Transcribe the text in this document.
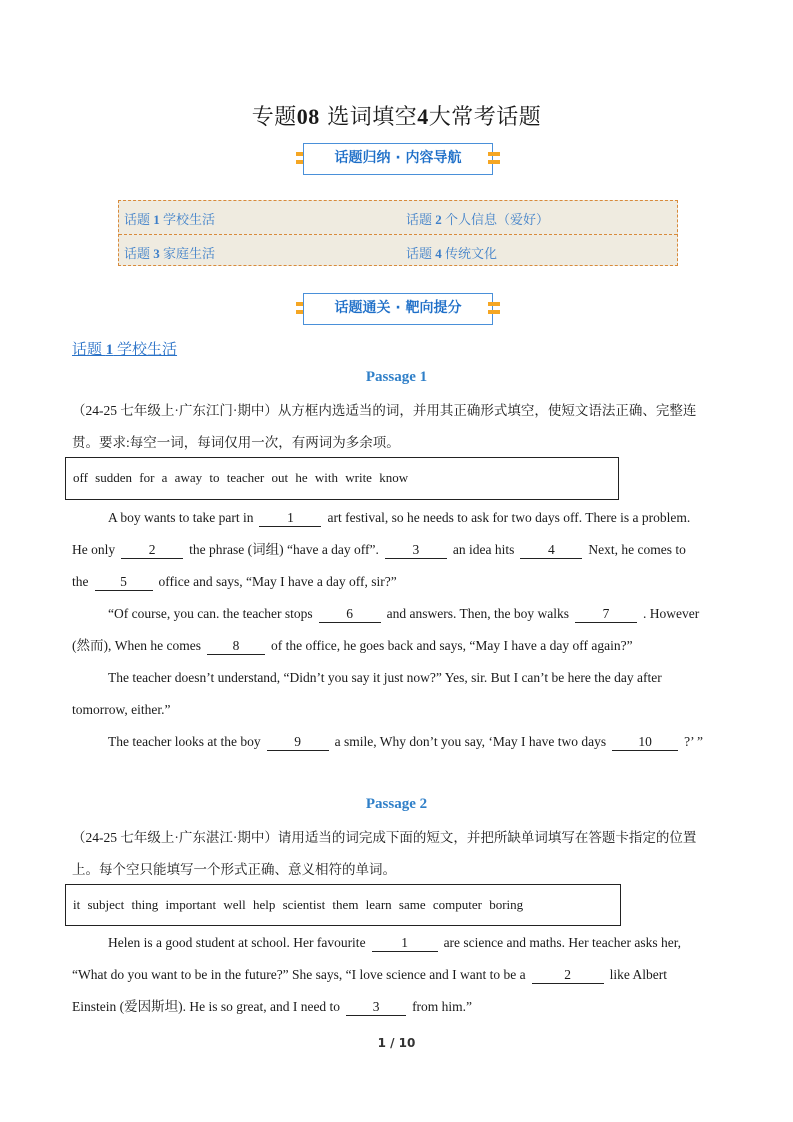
专题08 选词填空4大常考话题
话题归纳 · 内容导航
话题 1 学校生活	话题 2 个人信息（爱好）
话题 3 家庭生活	话题 4 传统文化
话题通关 · 靶向提分
话题 1 学校生活
Passage 1
（24-25 七年级上·广东江门·期中）从方框内选适当的词，并用其正确形式填空，使短文语法正确、完整连
贯。要求:每空一词，每词仅用一次，有两词为多余项。
off sudden for a away to teacher out he with write know
A boy wants to take part in 1 art festival, so he needs to ask for two days off. There is a problem.
He only 2 the phrase (词组) “have a day off”. 3 an idea hits 4 Next, he comes to
the 5 office and says, “May I have a day off, sir?”
“Of course, you can. the teacher stops 6 and answers. Then, the boy walks 7 . However
(然而), When he comes 8 of the office, he goes back and says, “May I have a day off again?”
The teacher doesn’t understand, “Didn’t you say it just now?” Yes, sir. But I can’t be here the day after
tomorrow, either.”
The teacher looks at the boy 9 a smile, Why don’t you say, ‘May I have two days 10 ?’ ”
Passage 2
（24-25 七年级上·广东湛江·期中）请用适当的词完成下面的短文，并把所缺单词填写在答题卡指定的位置
上。每个空只能填写一个形式正确、意义相符的单词。
it subject thing important well help scientist them learn same computer boring
Helen is a good student at school. Her favourite	1	are science and maths. Her teacher asks her,
“What do you want to be in the future?” She says, “I love science and I want to be a	2	like Albert
Einstein (爱因斯坦). He is so great, and I need to 3 from him.”
1 / 10
